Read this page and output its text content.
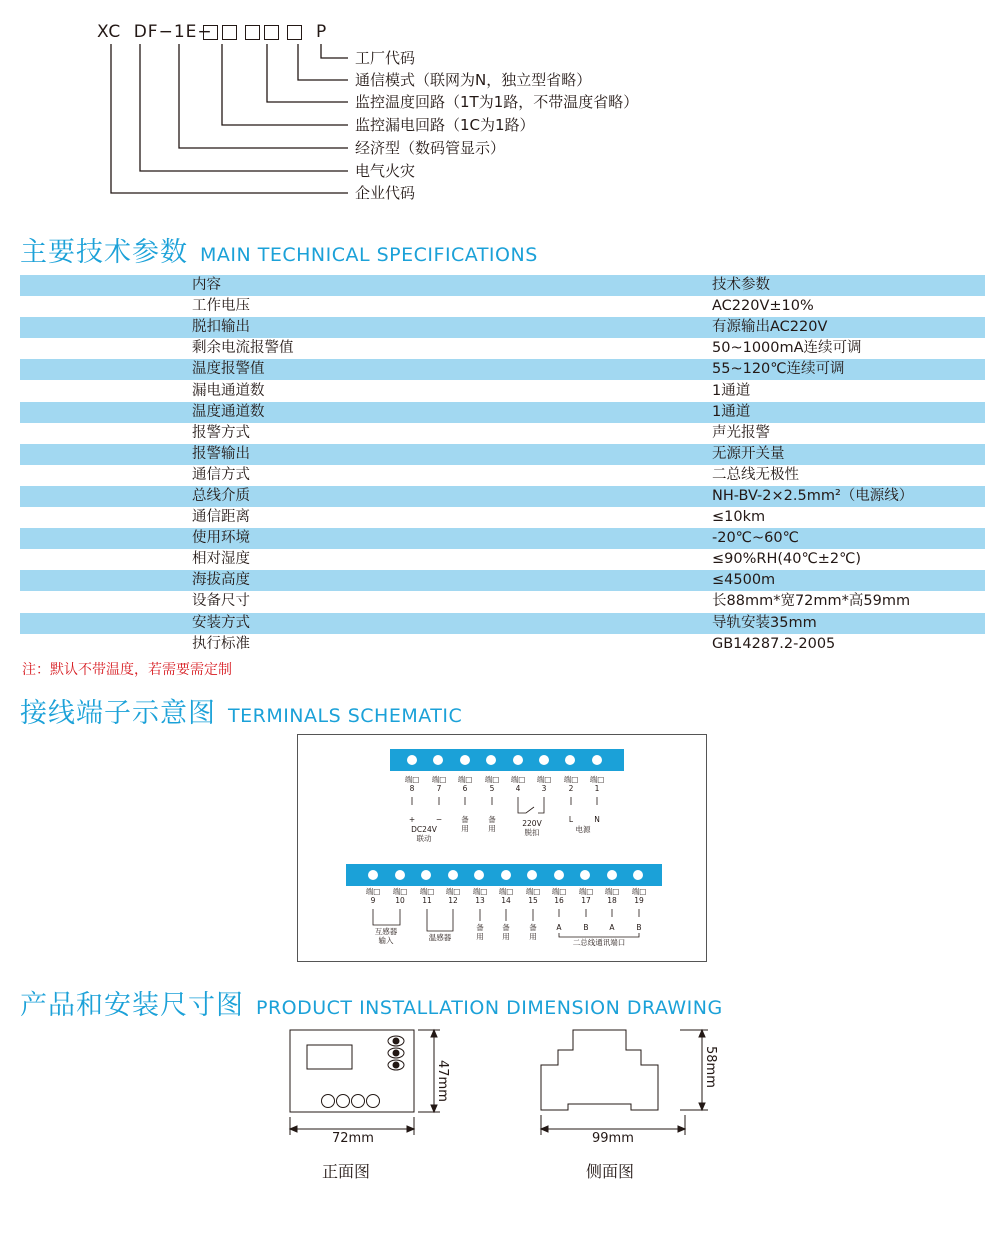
XC DF−1E−	P
工厂代码
通信模式（联网为N，独立型省略）
监控温度回路（1T为1路，不带温度省略）
监控漏电回路（1C为1路）
经济型（数码管显示）
电气火灾
企业代码
主要技术参数 MAIN TECHNICAL SPECIFICATIONS
内容	技术参数
工作电压	AC220V±10%
脱扣输出	有源输出AC220V
剩余电流报警值	50~1000mA连续可调
温度报警值	55~120℃连续可调
漏电通道数	1通道
温度通道数	1通道
报警方式	声光报警
报警输出	无源开关量
通信方式	二总线无极性
总线介质	NH-BV-2×2.5mm²（电源线）
通信距离	≤10km
使用环境	-20℃~60℃
相对湿度	≤90%RH(40℃±2℃)
海拔高度	≤4500m
设备尺寸	长88mm*宽72mm*高59mm
安装方式	导轨安装35mm
执行标准	GB14287.2-2005
注：默认不带温度，若需要需定制
接线端子示意图 TERMINALS SCHEMATIC
端□
8
端□
7
端□
6
端□
5
端□
4
端□
3
端□
2
端□
1
+	−	L	N
DC24V
联动
备用
备用
220V
脱扣	电源
端□
9
端□
10
端□
11
端□
12
端□
13
端□
14
端□
15
端□
16
端□
17
端□
18
端□
19
A	B	A	B
互感器
输入	温感器
备用
备用
备用
二总线通讯端口
产品和安装尺寸图 PRODUCT INSTALLATION DIMENSION DRAWING
72mm
47mm
正面图
99mm
58mm
侧面图
